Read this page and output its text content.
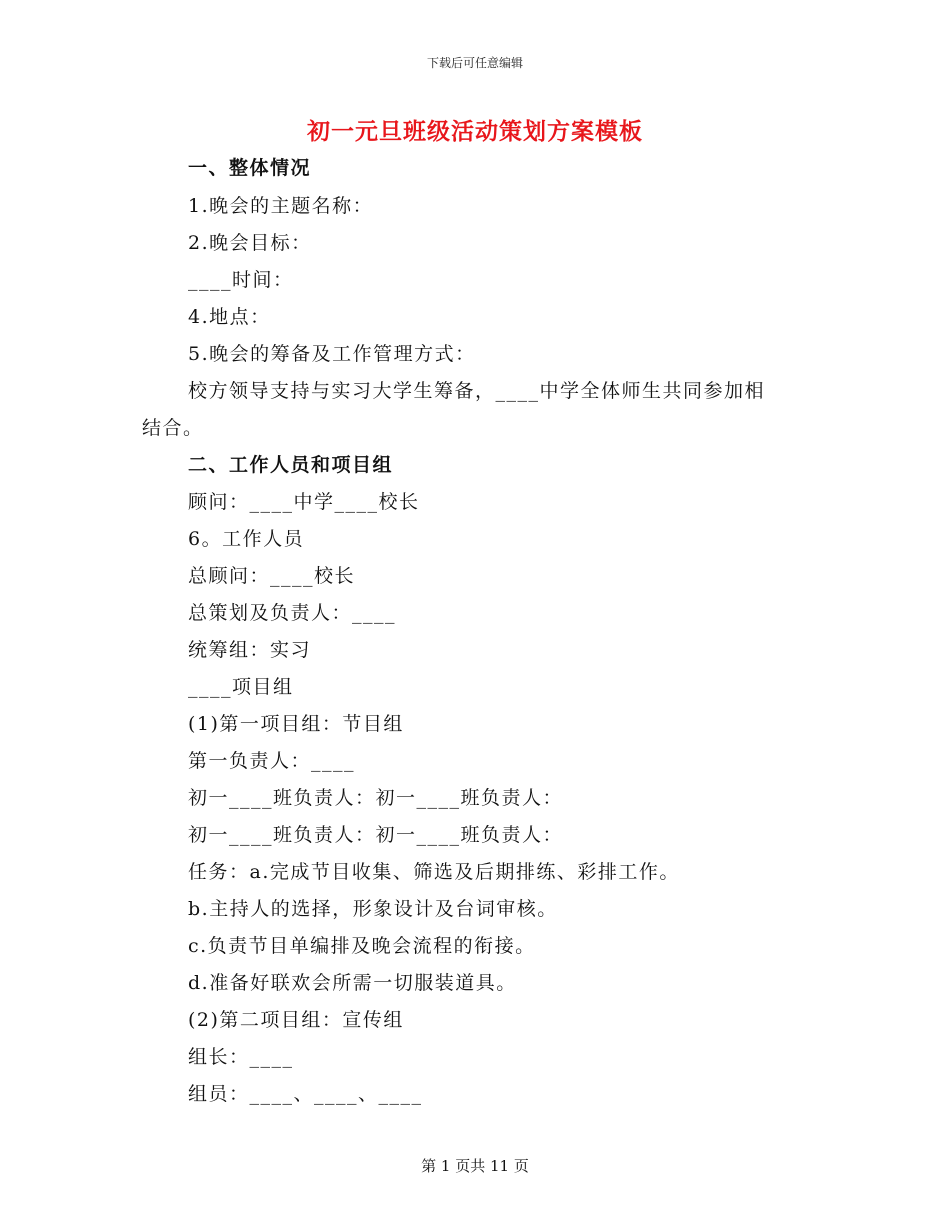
下载后可任意编辑
初一元旦班级活动策划方案模板
一、整体情况
1.晚会的主题名称：
2.晚会目标：
____时间：
4.地点：
5.晚会的筹备及工作管理方式：
校方领导支持与实习大学生筹备，____中学全体师生共同参加相
结合。
二、工作人员和项目组
顾问：____中学____校长
6。工作人员
总顾问：____校长
总策划及负责人：____
统筹组：实习
____项目组
(1)第一项目组：节目组
第一负责人：____
初一____班负责人：初一____班负责人：
初一____班负责人：初一____班负责人：
任务：a.完成节目收集、筛选及后期排练、彩排工作。
b.主持人的选择，形象设计及台词审核。
c.负责节目单编排及晚会流程的衔接。
d.准备好联欢会所需一切服装道具。
(2)第二项目组：宣传组
组长：____
组员：____、____、____
第 1 页共 11 页
